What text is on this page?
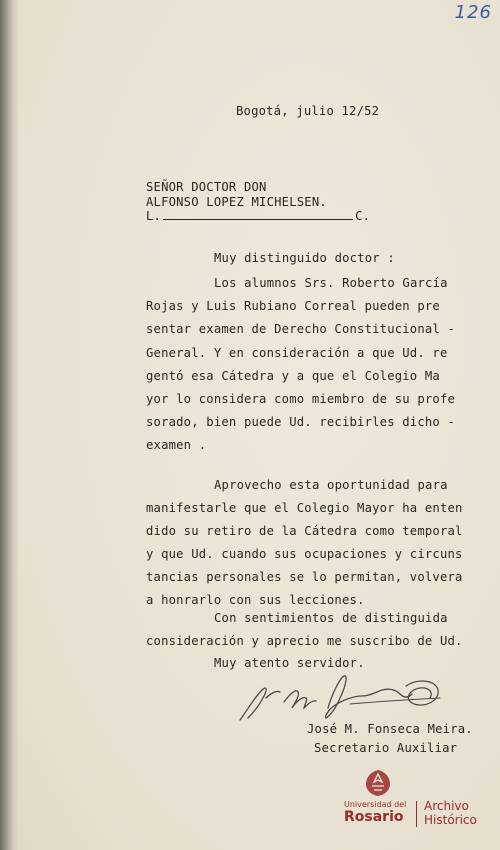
126
Bogotá, julio 12/52
SEÑOR DOCTOR DON
ALFONSO LOPEZ MICHELSEN.
L.	C.
Muy distinguido doctor :
Los alumnos Srs. Roberto García
Rojas y Luis Rubiano Correal pueden pre
sentar examen de Derecho Constitucional -
General. Y en consideración a que Ud. re
gentó esa Cátedra y a que el Colegio Ma
yor lo considera como miembro de su profe
sorado, bien puede Ud. recibirles dicho -
examen .
Aprovecho esta oportunidad para
manifestarle que el Colegio Mayor ha enten
dido su retiro de la Cátedra como temporal
y que Ud. cuando sus ocupaciones y circuns
tancias personales se lo permitan, volvera
a honrarlo con sus lecciones.
Con sentimientos de distinguida
consideración y aprecio me suscribo de Ud.
Muy atento servidor.
José M. Fonseca Meira.
Secretario Auxiliar
Universidad del
Rosario
Archivo
Histórico
